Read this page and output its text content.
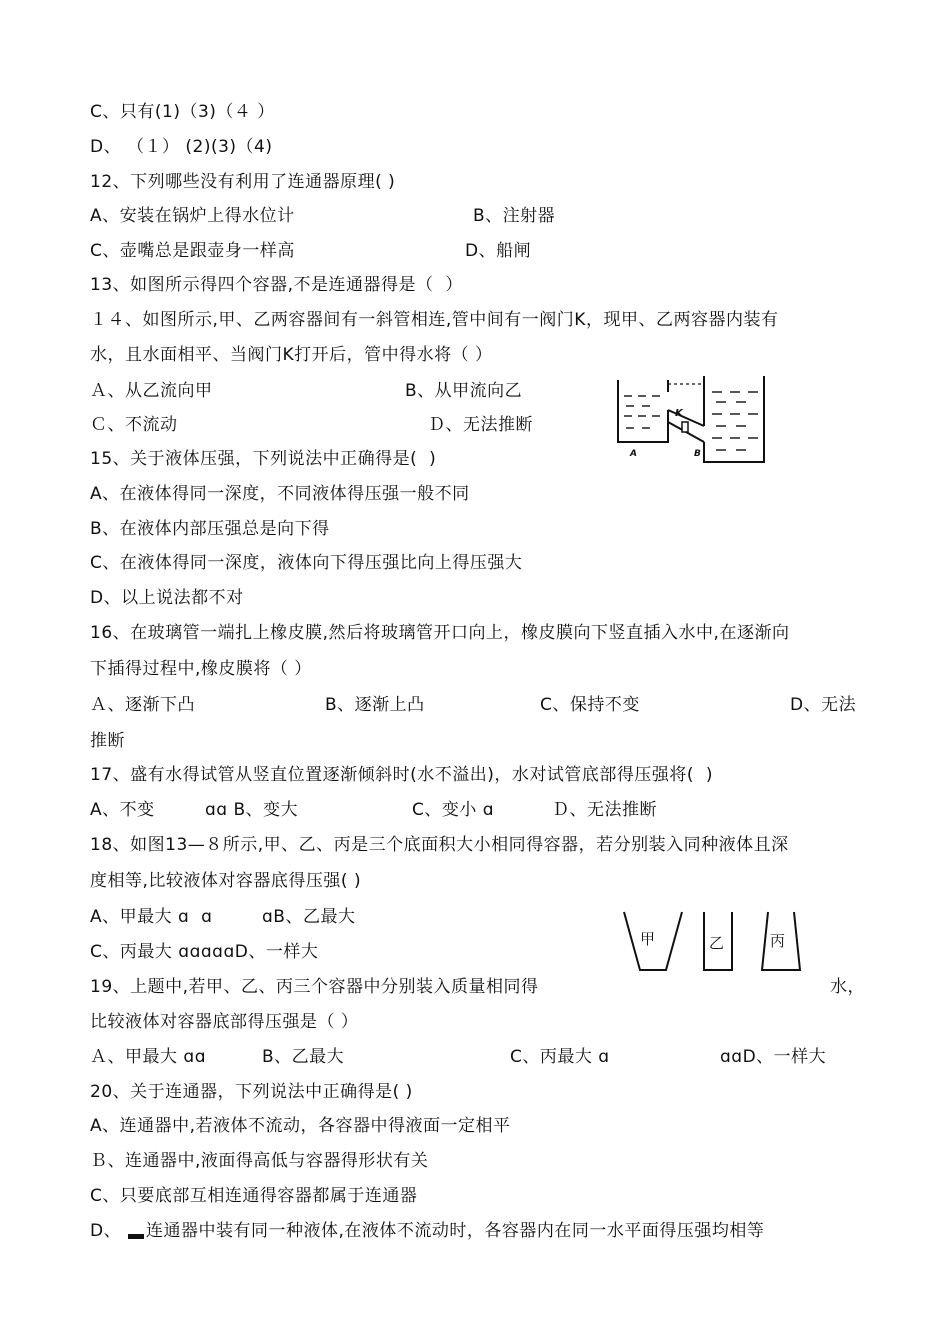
C、只有(1)（3)（４ ）
D、 （１） (2)(3)（4)
12、下列哪些没有利用了连通器原理( )
A、安装在锅炉上得水位计	B、注射器
C、壶嘴总是跟壶身一样高	D、船闸
13、如图所示得四个容器,不是连通器得是（  ）
１４、如图所示,甲、乙两容器间有一斜管相连,管中间有一阀门K，现甲、乙两容器内装有
水，且水面相平、当阀门K打开后，管中得水将（ ）
Ａ、从乙流向甲	B、从甲流向乙
Ｃ、不流动	Ｄ、无法推断
K
A	B
15、关于液体压强，下列说法中正确得是(  )
A、在液体得同一深度，不同液体得压强一般不同
B、在液体内部压强总是向下得
C、在液体得同一深度，液体向下得压强比向上得压强大
D、以上说法都不对
16、在玻璃管一端扎上橡皮膜,然后将玻璃管开口向上，橡皮膜向下竖直插入水中,在逐渐向
下插得过程中,橡皮膜将（ ）
Ａ、逐渐下凸	B、逐渐上凸	C、保持不变	D、无法
推断
17、盛有水得试管从竖直位置逐渐倾斜时(水不溢出)，水对试管底部得压强将(  )
A、不变	ɑɑ B、变大	C、变小 ɑ	Ｄ、无法推断
18、如图13—８所示,甲、乙、丙是三个底面积大小相同得容器，若分别装入同种液体且深
度相等,比较液体对容器底得压强( )
A、甲最大 ɑ  ɑ	ɑB、乙最大
C、丙最大 ɑɑɑɑɑD、一样大
甲	乙	丙
19、上题中,若甲、乙、丙三个容器中分别装入质量相同得	水，
比较液体对容器底部得压强是（ ）
Ａ、甲最大 ɑɑ	B、乙最大	C、丙最大 ɑ	ɑɑD、一样大
20、关于连通器，下列说法中正确得是( )
A、连通器中,若液体不流动，各容器中得液面一定相平
Ｂ、连通器中,液面得高低与容器得形状有关
C、只要底部互相连通得容器都属于连通器
D、 连通器中装有同一种液体,在液体不流动时，各容器内在同一水平面得压强均相等
